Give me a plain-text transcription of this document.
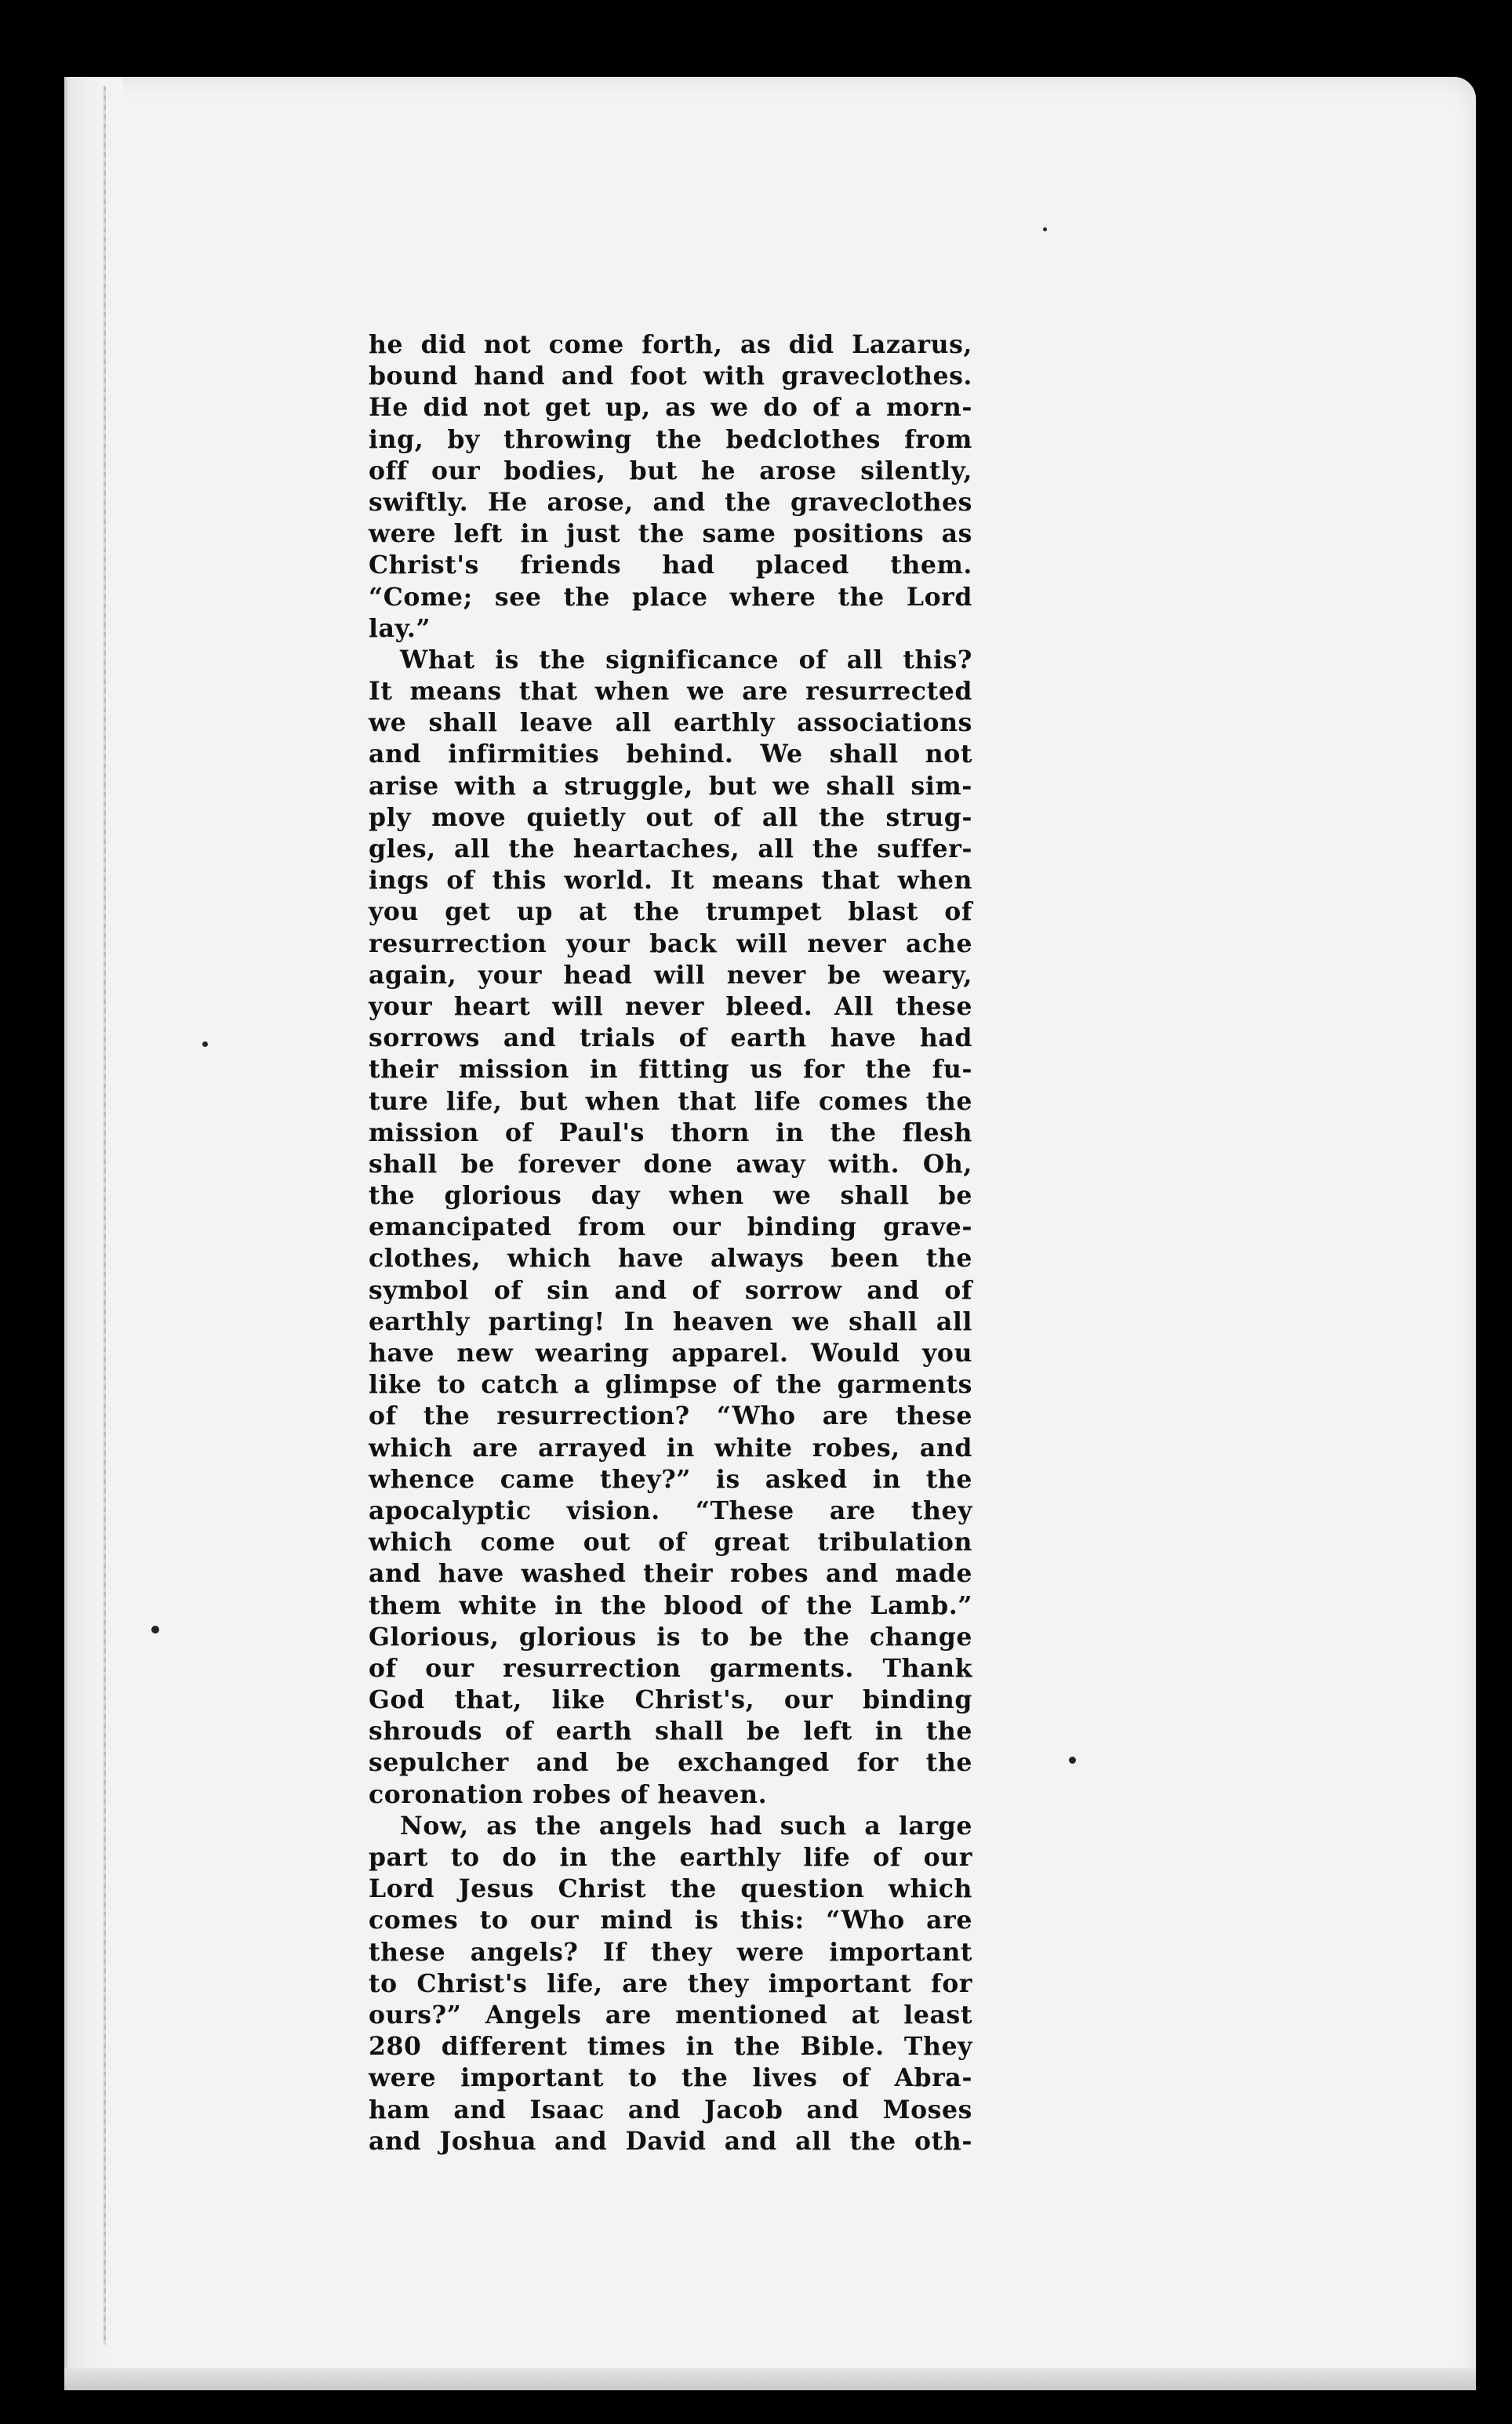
he did not come forth, as did Lazarus,
bound hand and foot with graveclothes.
He did not get up, as we do of a morn-
ing, by throwing the bedclothes from
off our bodies, but he arose silently,
swiftly. He arose, and the graveclothes
were left in just the same positions as
Christ's friends had placed them.
“Come; see the place where the Lord
lay.”
What is the significance of all this?
It means that when we are resurrected
we shall leave all earthly associations
and infirmities behind. We shall not
arise with a struggle, but we shall sim-
ply move quietly out of all the strug-
gles, all the heartaches, all the suffer-
ings of this world. It means that when
you get up at the trumpet blast of
resurrection your back will never ache
again, your head will never be weary,
your heart will never bleed. All these
sorrows and trials of earth have had
their mission in fitting us for the fu-
ture life, but when that life comes the
mission of Paul's thorn in the flesh
shall be forever done away with. Oh,
the glorious day when we shall be
emancipated from our binding grave-
clothes, which have always been the
symbol of sin and of sorrow and of
earthly parting! In heaven we shall all
have new wearing apparel. Would you
like to catch a glimpse of the garments
of the resurrection? “Who are these
which are arrayed in white robes, and
whence came they?” is asked in the
apocalyptic vision. “These are they
which come out of great tribulation
and have washed their robes and made
them white in the blood of the Lamb.”
Glorious, glorious is to be the change
of our resurrection garments. Thank
God that, like Christ's, our binding
shrouds of earth shall be left in the
sepulcher and be exchanged for the
coronation robes of heaven.
Now, as the angels had such a large
part to do in the earthly life of our
Lord Jesus Christ the question which
comes to our mind is this: “Who are
these angels? If they were important
to Christ's life, are they important for
ours?” Angels are mentioned at least
280 different times in the Bible. They
were important to the lives of Abra-
ham and Isaac and Jacob and Moses
and Joshua and David and all the oth-
